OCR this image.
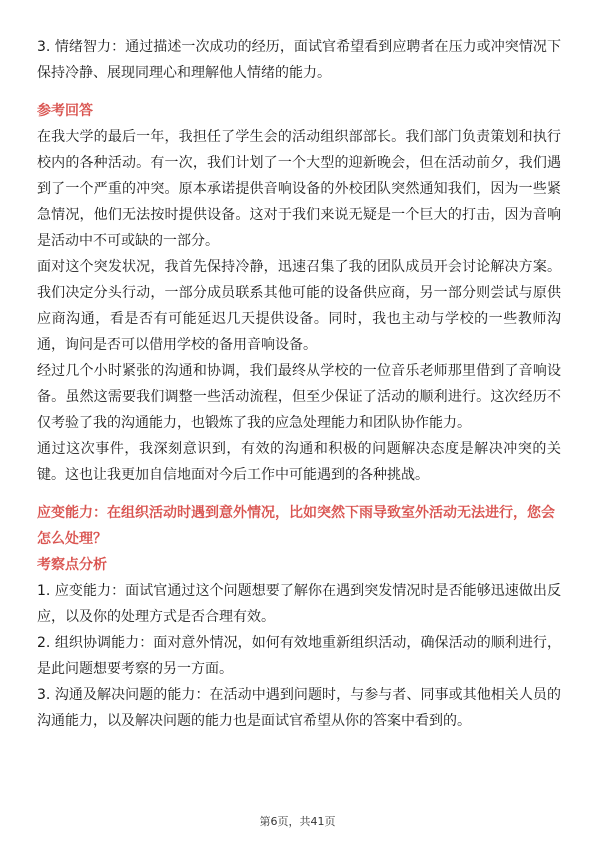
3. 情绪智力：通过描述一次成功的经历，面试官希望看到应聘者在压力或冲突情况下保持冷静、展现同理心和理解他人情绪的能力。

参考回答

在我大学的最后一年，我担任了学生会的活动组织部部长。我们部门负责策划和执行校内的各种活动。有一次，我们计划了一个大型的迎新晚会，但在活动前夕，我们遇到了一个严重的冲突。原本承诺提供音响设备的外校团队突然通知我们，因为一些紧急情况，他们无法按时提供设备。这对于我们来说无疑是一个巨大的打击，因为音响是活动中不可或缺的一部分。

面对这个突发状况，我首先保持冷静，迅速召集了我的团队成员开会讨论解决方案。我们决定分头行动，一部分成员联系其他可能的设备供应商，另一部分则尝试与原供应商沟通，看是否有可能延迟几天提供设备。同时，我也主动与学校的一些教师沟通，询问是否可以借用学校的备用音响设备。

经过几个小时紧张的沟通和协调，我们最终从学校的一位音乐老师那里借到了音响设备。虽然这需要我们调整一些活动流程，但至少保证了活动的顺利进行。这次经历不仅考验了我的沟通能力，也锻炼了我的应急处理能力和团队协作能力。

通过这次事件，我深刻意识到，有效的沟通和积极的问题解决态度是解决冲突的关键。这也让我更加自信地面对今后工作中可能遇到的各种挑战。

应变能力：在组织活动时遇到意外情况，比如突然下雨导致室外活动无法进行，您会怎么处理？

考察点分析

1. 应变能力：面试官通过这个问题想要了解你在遇到突发情况时是否能够迅速做出反应，以及你的处理方式是否合理有效。

2. 组织协调能力：面对意外情况，如何有效地重新组织活动，确保活动的顺利进行，是此问题想要考察的另一方面。

3. 沟通及解决问题的能力：在活动中遇到问题时，与参与者、同事或其他相关人员的沟通能力，以及解决问题的能力也是面试官希望从你的答案中看到的。

第6页，共41页
